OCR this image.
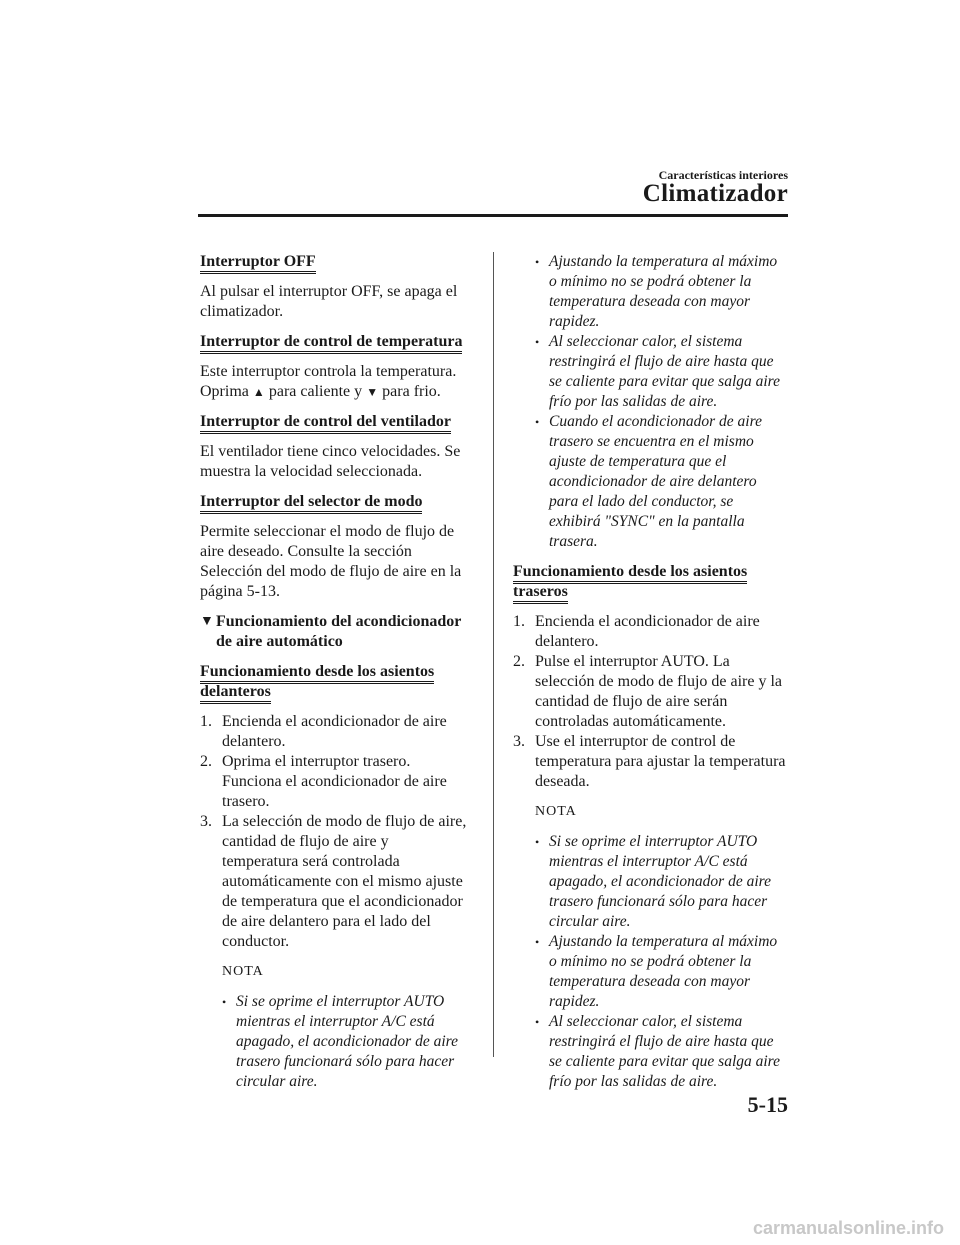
Características interiores
Climatizador
Interruptor OFF

Al pulsar el interruptor OFF, se apaga el climatizador.

Interruptor de control de temperatura

Este interruptor controla la temperatura.
Oprima ▲ para caliente y ▼ para frio.

Interruptor de control del ventilador

El ventilador tiene cinco velocidades. Se muestra la velocidad seleccionada.

Interruptor del selector de modo

Permite seleccionar el modo de flujo de aire deseado. Consulte la sección Selección del modo de flujo de aire en la página 5-13.

▼ Funcionamiento del acondicionador de aire automático
Funcionamiento desde los asientos delanteros
1. Encienda el acondicionador de aire delantero.
2. Oprima el interruptor trasero. Funciona el acondicionador de aire trasero.
3. La selección de modo de flujo de aire, cantidad de flujo de aire y temperatura será controlada automáticamente con el mismo ajuste de temperatura que el acondicionador de aire delantero para el lado del conductor.
NOTA
• Si se oprime el interruptor AUTO mientras el interruptor A/C está apagado, el acondicionador de aire trasero funcionará sólo para hacer circular aire.
• Ajustando la temperatura al máximo o mínimo no se podrá obtener la temperatura deseada con mayor rapidez.
• Al seleccionar calor, el sistema restringirá el flujo de aire hasta que se caliente para evitar que salga aire frío por las salidas de aire.
• Cuando el acondicionador de aire trasero se encuentra en el mismo ajuste de temperatura que el acondicionador de aire delantero para el lado del conductor, se exhibirá "SYNC" en la pantalla trasera.
Funcionamiento desde los asientos
traseros
1. Encienda el acondicionador de aire delantero.
2. Pulse el interruptor AUTO. La selección de modo de flujo de aire y la cantidad de flujo de aire serán controladas automáticamente.
3. Use el interruptor de control de temperatura para ajustar la temperatura deseada.
NOTA
• Si se oprime el interruptor AUTO mientras el interruptor A/C está apagado, el acondicionador de aire trasero funcionará sólo para hacer circular aire.
• Ajustando la temperatura al máximo o mínimo no se podrá obtener la temperatura deseada con mayor rapidez.
• Al seleccionar calor, el sistema restringirá el flujo de aire hasta que se caliente para evitar que salga aire frío por las salidas de aire.
5-15
carmanualsonline.info
